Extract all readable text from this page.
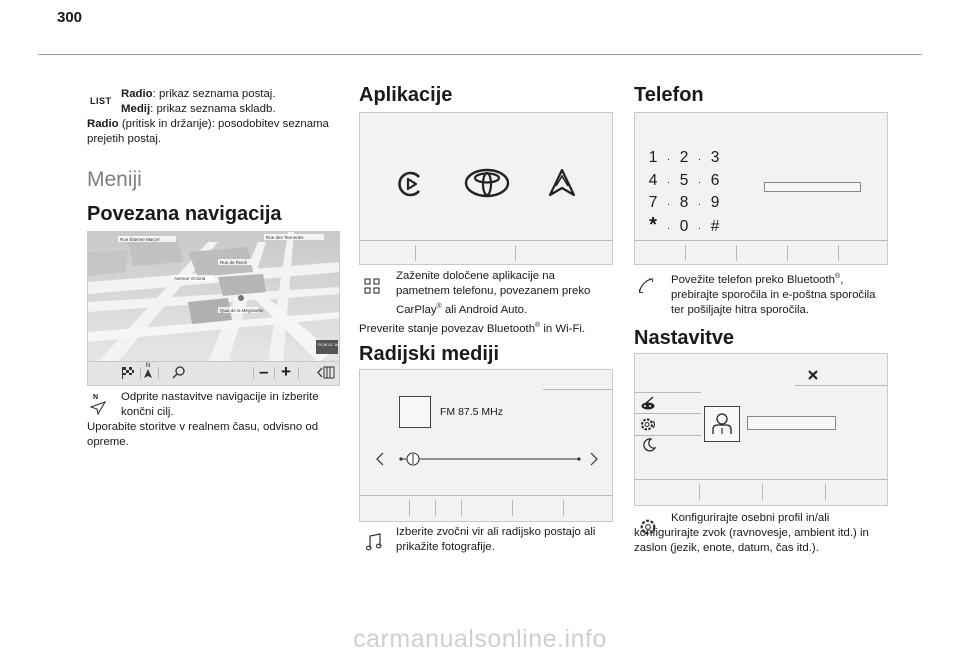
300
LIST
Radio: prikaz seznama postaj.
Medij: prikaz seznama skladb.
Radio (pritisk in držanje): posodobitev seznama prejetih postaj.
Meniji
Povezana navigacija
Rue Étienne Marcel	Rue des Tanneries
Avenue Victoria
Rue de Rivoli
Quai de la Mégisserie
RCM 01 JAN
N	– +
N	Odprite nastavitve navigacije in izberite končni cilj.
Uporabite storitve v realnem času, odvisno od opreme.
Aplikacije
Zaženite določene aplikacije na pametnem telefonu, povezanem preko CarPlay® ali Android Auto.
Preverite stanje povezav Bluetooth® in Wi-Fi.
Radijski mediji
FM 87.5 MHz
Izberite zvočni vir ali radijsko postajo ali prikažite fotografije.
Telefon
1 · 2 · 3
4 · 5 · 6
7 · 8 · 9
* · 0 · #
Povežite telefon preko Bluetooth®, prebirajte sporočila in e-poštna sporočila ter pošiljajte hitra sporočila.
Nastavitve
Konfigurirajte osebni profil in/ali konfigurirajte zvok (ravnovesje, ambient itd.) in zaslon (jezik, enote, datum, čas itd.).
carmanualsonline.info
